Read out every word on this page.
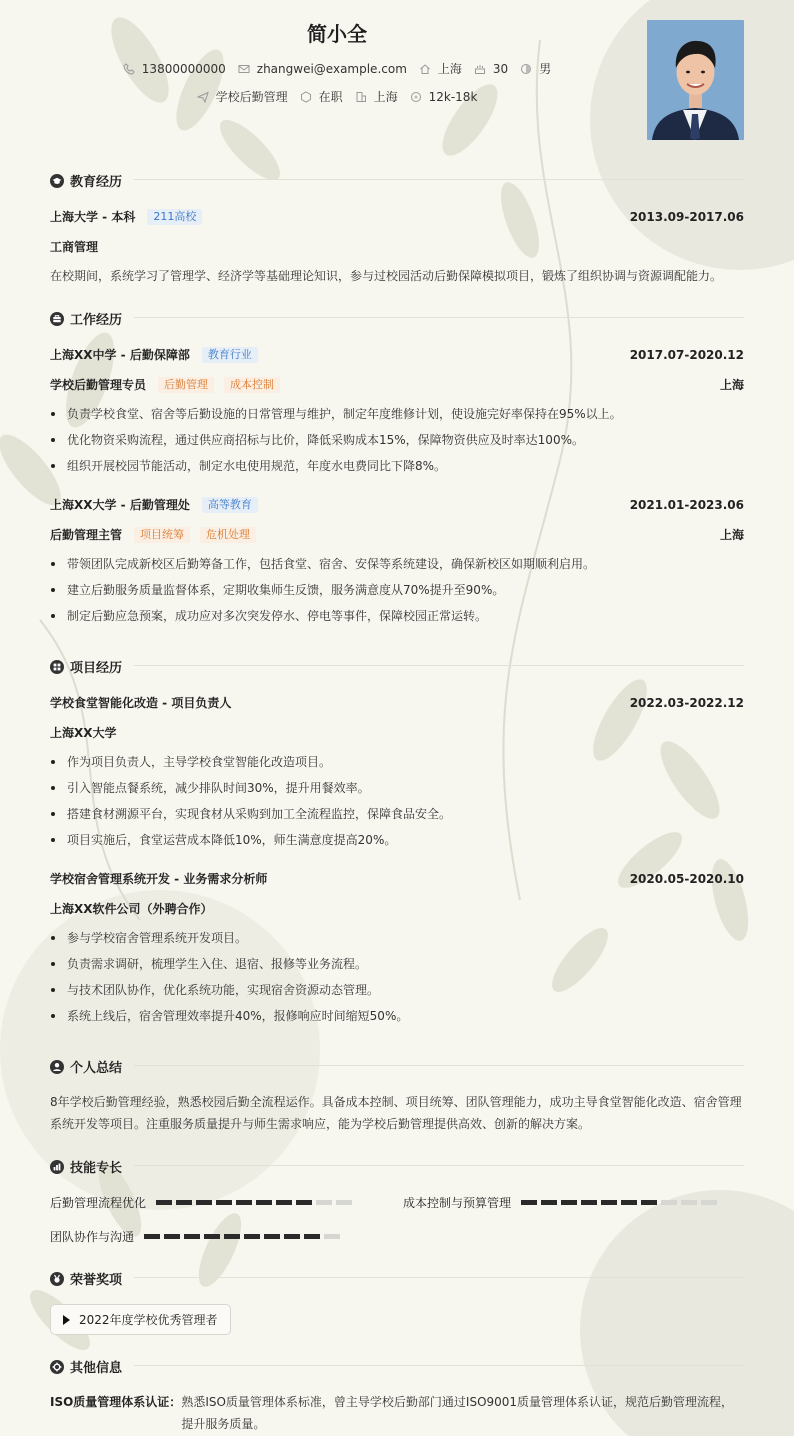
简小全
13800000000	zhangwei@example.com	上海	30	男
学校后勤管理	在职	上海	12k-18k
教育经历
上海大学 - 本科	211高校	2013.09-2017.06
工商管理
在校期间，系统学习了管理学、经济学等基础理论知识，参与过校园活动后勤保障模拟项目，锻炼了组织协调与资源调配能力。
工作经历
上海XX中学 - 后勤保障部	教育行业	2017.07-2020.12
学校后勤管理专员	后勤管理	成本控制	上海
负责学校食堂、宿舍等后勤设施的日常管理与维护，制定年度维修计划，使设施完好率保持在95%以上。
优化物资采购流程，通过供应商招标与比价，降低采购成本15%，保障物资供应及时率达100%。
组织开展校园节能活动，制定水电使用规范，年度水电费同比下降8%。
上海XX大学 - 后勤管理处	高等教育	2021.01-2023.06
后勤管理主管	项目统筹	危机处理	上海
带领团队完成新校区后勤筹备工作，包括食堂、宿舍、安保等系统建设，确保新校区如期顺利启用。
建立后勤服务质量监督体系，定期收集师生反馈，服务满意度从70%提升至90%。
制定后勤应急预案，成功应对多次突发停水、停电等事件，保障校园正常运转。
项目经历
学校食堂智能化改造 - 项目负责人	2022.03-2022.12
上海XX大学
作为项目负责人，主导学校食堂智能化改造项目。
引入智能点餐系统，减少排队时间30%，提升用餐效率。
搭建食材溯源平台，实现食材从采购到加工全流程监控，保障食品安全。
项目实施后，食堂运营成本降低10%，师生满意度提高20%。
学校宿舍管理系统开发 - 业务需求分析师	2020.05-2020.10
上海XX软件公司（外聘合作）
参与学校宿舍管理系统开发项目。
负责需求调研，梳理学生入住、退宿、报修等业务流程。
与技术团队协作，优化系统功能，实现宿舍资源动态管理。
系统上线后，宿舍管理效率提升40%，报修响应时间缩短50%。
个人总结
8年学校后勤管理经验，熟悉校园后勤全流程运作。具备成本控制、项目统筹、团队管理能力，成功主导食堂智能化改造、宿舍管理系统开发等项目。注重服务质量提升与师生需求响应，能为学校后勤管理提供高效、创新的解决方案。
技能专长
后勤管理流程优化	成本控制与预算管理
团队协作与沟通
荣誉奖项
2022年度学校优秀管理者
其他信息
ISO质量管理体系认证： 熟悉ISO质量管理体系标准，曾主导学校后勤部门通过ISO9001质量管理体系认证，规范后勤管理流程，提升服务质量。
